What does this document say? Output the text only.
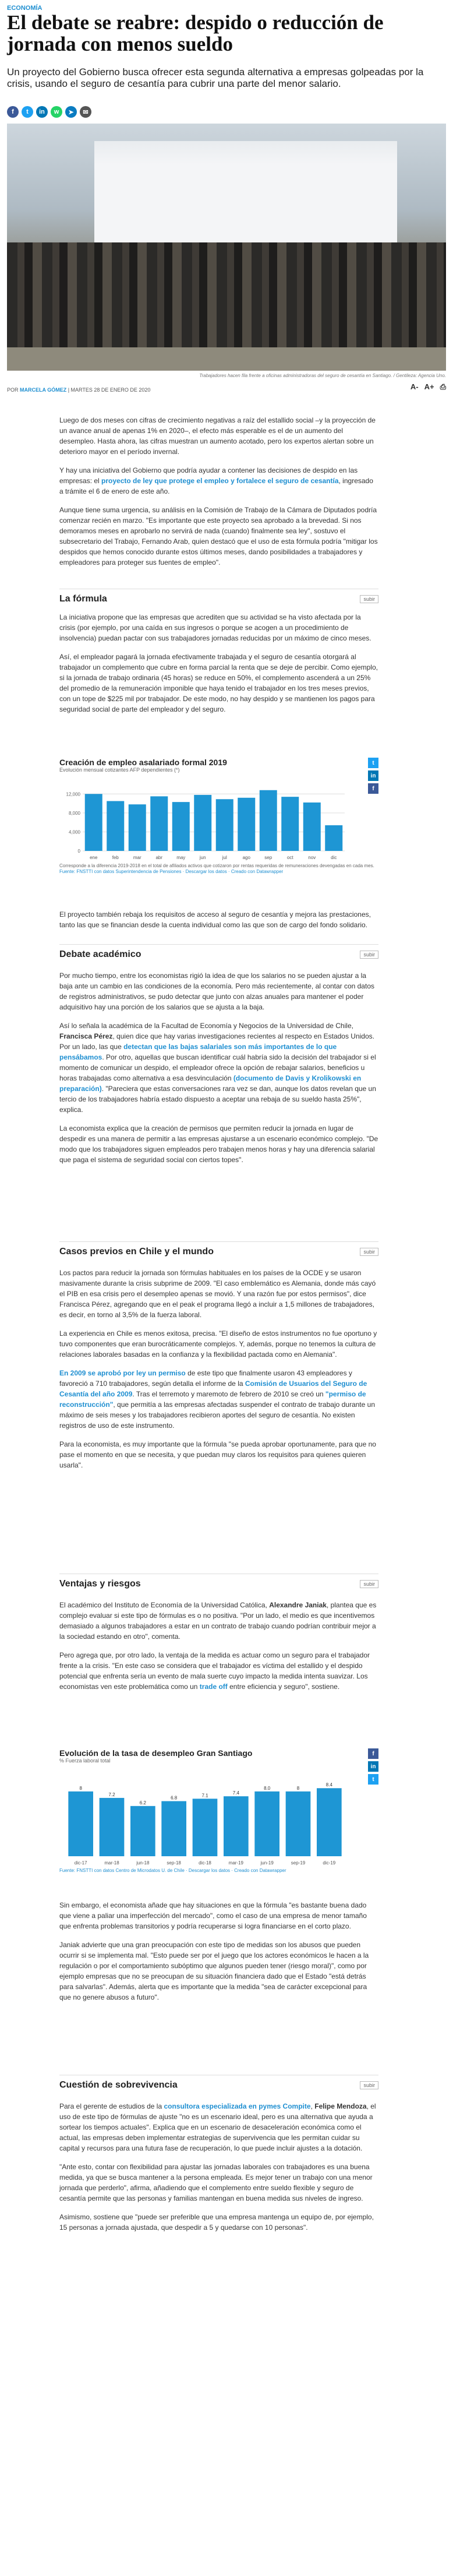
ECONOMÍA
El debate se reabre: despido o reducción de jornada con menos sueldo
Un proyecto del Gobierno busca ofrecer esta segunda alternativa a empresas golpeadas por la crisis, usando el seguro de cesantía para cubrir una parte del menor salario.
f	t	in	w	➤	✉
Trabajadores hacen fila frente a oficinas administradoras del seguro de cesantía en Santiago. / Gentileza: Agencia Uno.
POR MARCELA GÓMEZ | MARTES 28 DE ENERO DE 2020	A- A+ ⎙

Luego de dos meses con cifras de crecimiento negativas a raíz del estallido social –y la proyección de un avance anual de apenas 1% en 2020–, el efecto más esperable es el de un aumento del desempleo. Hasta ahora, las cifras muestran un aumento acotado, pero los expertos alertan sobre un deterioro mayor en el período invernal.

Y hay una iniciativa del Gobierno que podría ayudar a contener las decisiones de despido en las empresas: el proyecto de ley que protege el empleo y fortalece el seguro de cesantía, ingresado a trámite el 6 de enero de este año.

Aunque tiene suma urgencia, su análisis en la Comisión de Trabajo de la Cámara de Diputados podría comenzar recién en marzo. "Es importante que este proyecto sea aprobado a la brevedad. Si nos demoramos meses en aprobarlo no servirá de nada (cuando) finalmente sea ley", sostuvo el subsecretario del Trabajo, Fernando Arab, quien destacó que el uso de esta fórmula podría "mitigar los despidos que hemos conocido durante estos últimos meses, dando posibilidades a trabajadores y empleadores para proteger sus fuentes de empleo".

La fórmula	subir

La iniciativa propone que las empresas que acrediten que su actividad se ha visto afectada por la crisis (por ejemplo, por una caída en sus ingresos o porque se acogen a un procedimiento de insolvencia) puedan pactar con sus trabajadores jornadas reducidas por un máximo de cinco meses.

Así, el empleador pagará la jornada efectivamente trabajada y el seguro de cesantía otorgará al trabajador un complemento que cubre en forma parcial la renta que se deje de percibir. Como ejemplo, si la jornada de trabajo ordinaria (45 horas) se reduce en 50%, el complemento ascenderá a un 25% del promedio de la remuneración imponible que haya tenido el trabajador en los tres meses previos, con un tope de $225 mil por trabajador. De este modo, no hay despido y se mantienen los pagos para seguridad social de parte del empleador y del seguro.

Creación de empleo asalariado formal 2019
Evolución mensual cotizantes AFP dependientes (*)
0
4,000
8,000
12,000
ene	feb	mar	abr	may	jun	jul	ago	sep	oct	nov	dic
Corresponde a la diferencia 2019-2018 en el total de afiliados activos que cotizaron por rentas requeridas de remuneraciones devengadas en cada mes.
Fuente: FNSTTI con datos Superintendencia de Pensiones · Descargar los datos · Creado con Datawrapper
t
in
f

El proyecto también rebaja los requisitos de acceso al seguro de cesantía y mejora las prestaciones, tanto las que se financian desde la cuenta individual como las que son de cargo del fondo solidario.

Debate académico	subir

Por mucho tiempo, entre los economistas rigió la idea de que los salarios no se pueden ajustar a la baja ante un cambio en las condiciones de la economía. Pero más recientemente, al contar con datos de registros administrativos, se pudo detectar que junto con alzas anuales para mantener el poder adquisitivo hay una porción de los salarios que se ajusta a la baja.

Así lo señala la académica de la Facultad de Economía y Negocios de la Universidad de Chile, Francisca Pérez, quien dice que hay varias investigaciones recientes al respecto en Estados Unidos. Por un lado, las que detectan que las bajas salariales son más importantes de lo que pensábamos. Por otro, aquellas que buscan identificar cuál habría sido la decisión del trabajador si el momento de comunicar un despido, el empleador ofrece la opción de rebajar salarios, beneficios u horas trabajadas como alternativa a esa desvinculación (documento de Davis y Krolikowski en preparación). "Pareciera que estas conversaciones rara vez se dan, aunque los datos revelan que un tercio de los trabajadores habría estado dispuesto a aceptar una rebaja de su sueldo hasta 25%", explica.

La economista explica que la creación de permisos que permiten reducir la jornada en lugar de despedir es una manera de permitir a las empresas ajustarse a un escenario económico complejo. "De modo que los trabajadores siguen empleados pero trabajen menos horas y hay una diferencia salarial que paga el sistema de seguridad social con ciertos topes".

Casos previos en Chile y el mundo	subir

Los pactos para reducir la jornada son fórmulas habituales en los países de la OCDE y se usaron masivamente durante la crisis subprime de 2009. "El caso emblemático es Alemania, donde más cayó el PIB en esa crisis pero el desempleo apenas se movió. Y una razón fue por estos permisos", dice Francisca Pérez, agregando que en el peak el programa llegó a incluir a 1,5 millones de trabajadores, es decir, en torno al 3,5% de la fuerza laboral.

La experiencia en Chile es menos exitosa, precisa. "El diseño de estos instrumentos no fue oportuno y tuvo componentes que eran burocráticamente complejos. Y, además, porque no tenemos la cultura de relaciones laborales basadas en la confianza y la flexibilidad pactada como en Alemania".

En 2009 se aprobó por ley un permiso de este tipo que finalmente usaron 43 empleadores y favoreció a 710 trabajadores, según detalla el informe de la Comisión de Usuarios del Seguro de Cesantía del año 2009. Tras el terremoto y maremoto de febrero de 2010 se creó un "permiso de reconstrucción", que permitía a las empresas afectadas suspender el contrato de trabajo durante un máximo de seis meses y los trabajadores recibieron aportes del seguro de cesantía. No existen registros de uso de este instrumento.

Para la economista, es muy importante que la fórmula "se pueda aprobar oportunamente, para que no pase el momento en que se necesita, y que puedan muy claros los requisitos para quienes quieren usarla".

Ventajas y riesgos	subir

El académico del Instituto de Economía de la Universidad Católica, Alexandre Janiak, plantea que es complejo evaluar si este tipo de fórmulas es o no positiva. "Por un lado, el medio es que incentivemos demasiado a algunos trabajadores a estar en un contrato de trabajo cuando podrían contribuir mejor a la sociedad estando en otro", comenta.

Pero agrega que, por otro lado, la ventaja de la medida es actuar como un seguro para el trabajador frente a la crisis. "En este caso se considera que el trabajador es víctima del estallido y el despido potencial que enfrenta sería un evento de mala suerte cuyo impacto la medida intenta suavizar. Los economistas ven este problemática como un trade off entre eficiencia y seguro", sostiene.

Evolución de la tasa de desempleo Gran Santiago
% Fuerza laboral total
dic-17
8
mar-18
7.2
jun-18
6.2
sep-18
6.8
dic-18
7.1
mar-19
7.4
jun-19
8.0
sep-19
8
dic-19
8.4
Fuente: FNSTTI con datos Centro de Microdatos U. de Chile · Descargar los datos · Creado con Datawrapper
f
in
t

Sin embargo, el economista añade que hay situaciones en que la fórmula "es bastante buena dado que viene a paliar una imperfección del mercado", como el caso de una empresa de menor tamaño que enfrenta problemas transitorios y podría recuperarse si logra financiarse en el corto plazo.

Janiak advierte que una gran preocupación con este tipo de medidas son los abusos que pueden ocurrir si se implementa mal. "Esto puede ser por el juego que los actores económicos le hacen a la regulación o por el comportamiento subóptimo que algunos pueden tener (riesgo moral)", como por ejemplo empresas que no se preocupan de su situación financiera dado que el Estado "está detrás para salvarlas". Además, alerta que es importante que la medida "sea de carácter excepcional para que no genere abusos a futuro".

Cuestión de sobrevivencia	subir

Para el gerente de estudios de la consultora especializada en pymes Compite, Felipe Mendoza, el uso de este tipo de fórmulas de ajuste "no es un escenario ideal, pero es una alternativa que ayuda a sortear los tiempos actuales". Explica que en un escenario de desaceleración económica como el actual, las empresas deben implementar estrategias de supervivencia que les permitan cuidar su capital y recursos para una futura fase de recuperación, lo que puede incluir ajustes a la dotación.

"Ante esto, contar con flexibilidad para ajustar las jornadas laborales con trabajadores es una buena medida, ya que se busca mantener a la persona empleada. Es mejor tener un trabajo con una menor jornada que perderlo", afirma, añadiendo que el complemento entre sueldo flexible y seguro de cesantía permite que las personas y familias mantengan en buena medida sus niveles de ingreso.

Asimismo, sostiene que "puede ser preferible que una empresa mantenga un equipo de, por ejemplo, 15 personas a jornada ajustada, que despedir a 5 y quedarse con 10 personas".
